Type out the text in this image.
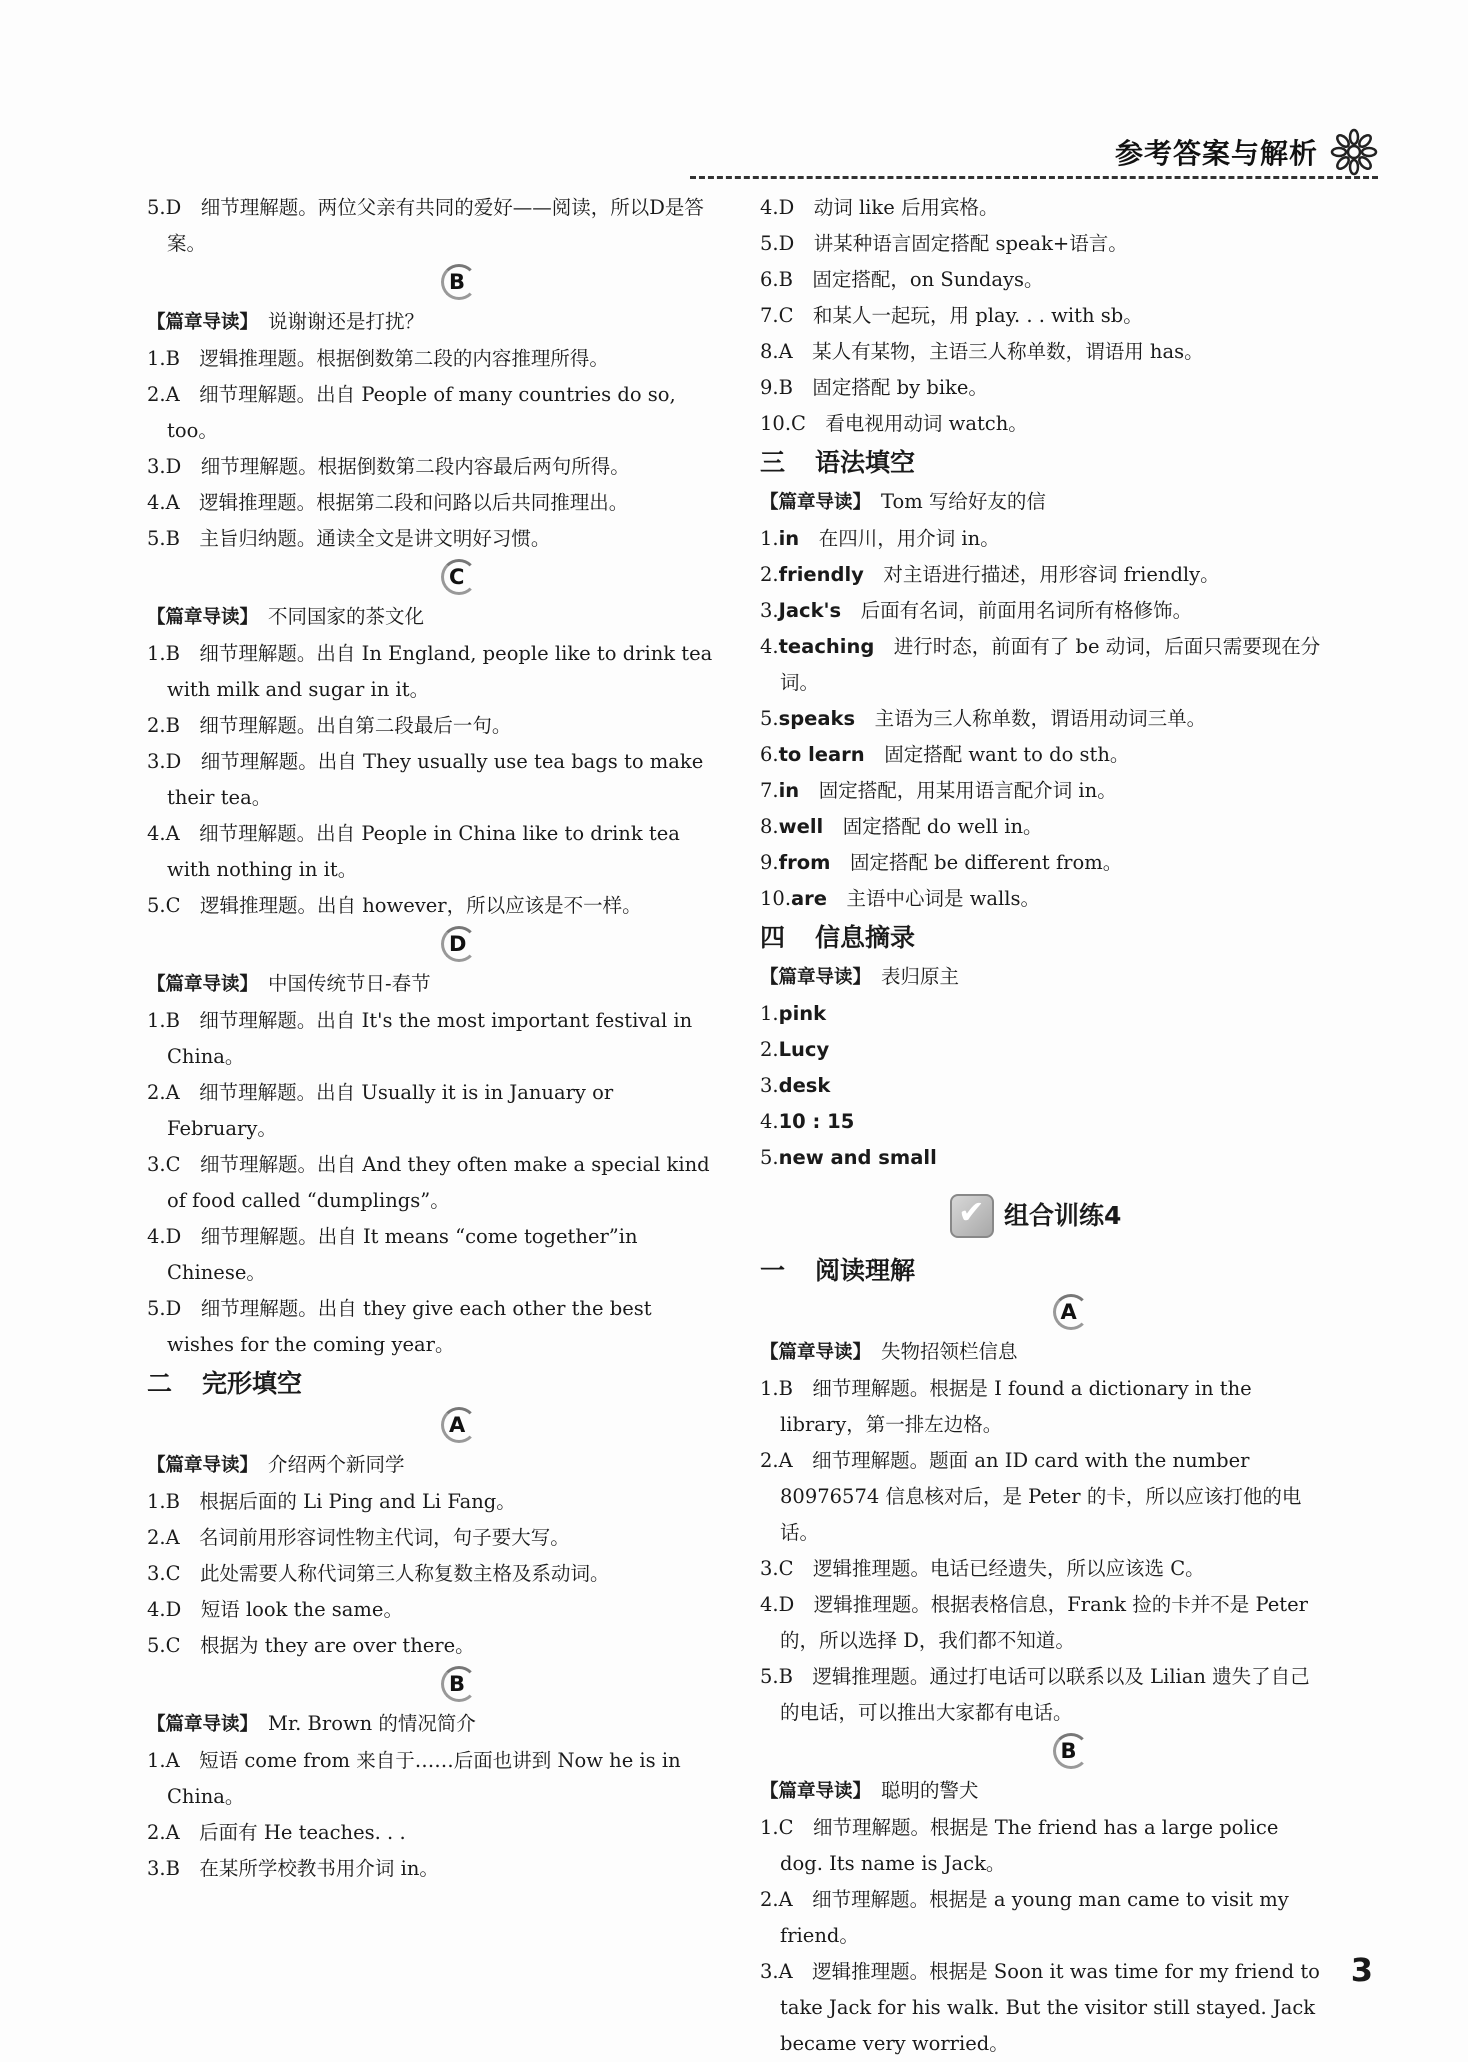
参考答案与解析

5.D　细节理解题。两位父亲有共同的爱好——阅读，所以D是答案。

B

【篇章导读】 说谢谢还是打扰？

1.B　逻辑推理题。根据倒数第二段的内容推理所得。

2.A　细节理解题。出自 People of many countries do so, too。

3.D　细节理解题。根据倒数第二段内容最后两句所得。

4.A　逻辑推理题。根据第二段和问路以后共同推理出。

5.B　主旨归纳题。通读全文是讲文明好习惯。

C

【篇章导读】 不同国家的茶文化

1.B　细节理解题。出自 In England, people like to drink tea with milk and sugar in it。

2.B　细节理解题。出自第二段最后一句。

3.D　细节理解题。出自 They usually use tea bags to make their tea。

4.A　细节理解题。出自 People in China like to drink tea with nothing in it。

5.C　逻辑推理题。出自 however，所以应该是不一样。

D

【篇章导读】 中国传统节日-春节

1.B　细节理解题。出自 It's the most important festival in China。

2.A　细节理解题。出自 Usually it is in January or February。

3.C　细节理解题。出自 And they often make a special kind of food called “dumplings”。

4.D　细节理解题。出自 It means “come together”in Chinese。

5.D　细节理解题。出自 they give each other the best wishes for the coming year。

二 完形填空

A

【篇章导读】 介绍两个新同学

1.B　根据后面的 Li Ping and Li Fang。

2.A　名词前用形容词性物主代词，句子要大写。

3.C　此处需要人称代词第三人称复数主格及系动词。

4.D　短语 look the same。

5.C　根据为 they are over there。

B

【篇章导读】 Mr. Brown 的情况简介

1.A　短语 come from 来自于……后面也讲到 Now he is in China。

2.A　后面有 He teaches. . .

3.B　在某所学校教书用介词 in。

4.D　动词 like 后用宾格。

5.D　讲某种语言固定搭配 speak+语言。

6.B　固定搭配，on Sundays。

7.C　和某人一起玩，用 play. . . with sb。

8.A　某人有某物，主语三人称单数，谓语用 has。

9.B　固定搭配 by bike。

10.C　看电视用动词 watch。

三 语法填空

【篇章导读】 Tom 写给好友的信

1.in　 在四川，用介词 in。

2.friendly　 对主语进行描述，用形容词 friendly。

3.Jack's　 后面有名词，前面用名词所有格修饰。

4.teaching　 进行时态，前面有了 be 动词，后面只需要现在分词。

5.speaks　 主语为三人称单数，谓语用动词三单。

6.to learn　 固定搭配 want to do sth。

7.in　 固定搭配，用某用语言配介词 in。

8.well　 固定搭配 do well in。

9.from　 固定搭配 be different from。

10.are　 主语中心词是 walls。

四 信息摘录

【篇章导读】 表归原主

1.pink

2.Lucy

3.desk

4.10 : 15

5.new and small

✔
组合训练4

一 阅读理解

A

【篇章导读】 失物招领栏信息

1.B　细节理解题。根据是 I found a dictionary in the library，第一排左边格。

2.A　细节理解题。题面 an ID card with the number 80976574 信息核对后，是 Peter 的卡，所以应该打他的电话。

3.C　逻辑推理题。电话已经遗失，所以应该选 C。

4.D　逻辑推理题。根据表格信息，Frank 捡的卡并不是 Peter 的，所以选择 D，我们都不知道。

5.B　逻辑推理题。通过打电话可以联系以及 Lilian 遗失了自己的电话，可以推出大家都有电话。

B

【篇章导读】 聪明的警犬

1.C　细节理解题。根据是 The friend has a large police dog. Its name is Jack。

2.A　细节理解题。根据是 a young man came to visit my friend。

3.A　逻辑推理题。根据是 Soon it was time for my friend to take Jack for his walk. But the visitor still stayed. Jack became very worried。

3
